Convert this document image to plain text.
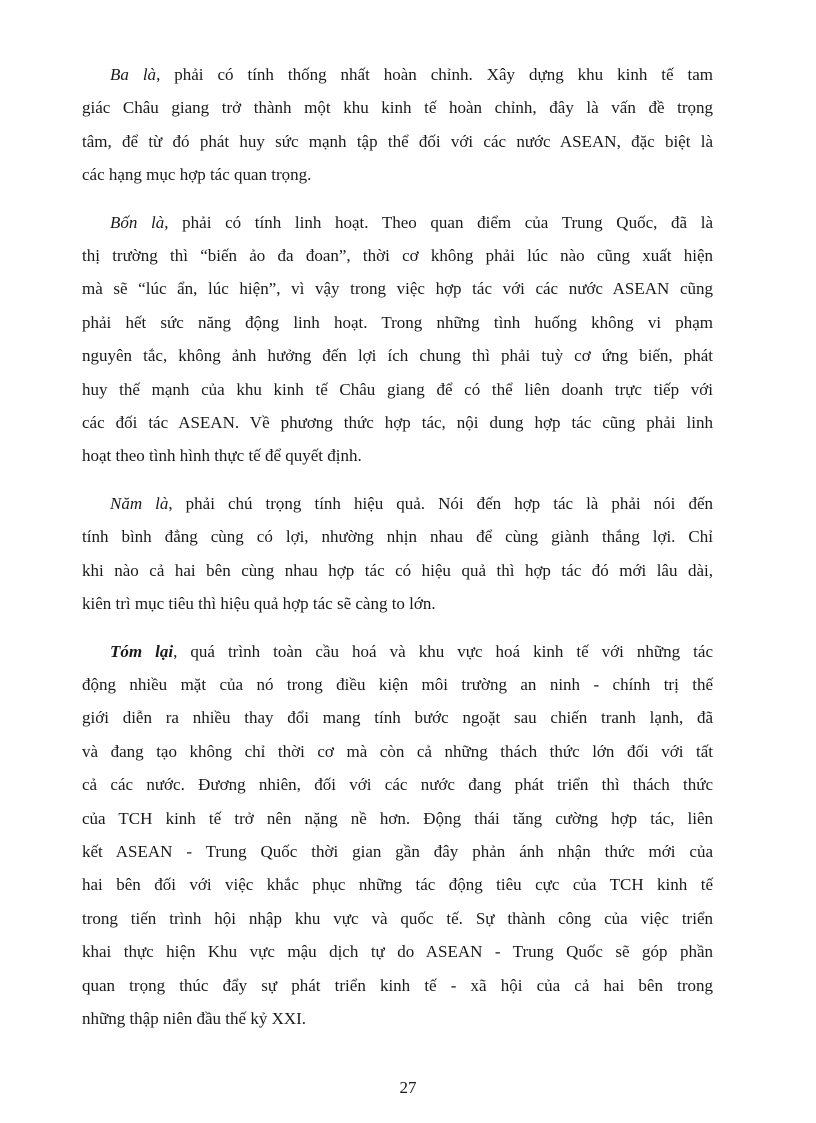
Ba là, phải có tính thống nhất hoàn chỉnh. Xây dựng khu kinh tế tam
giác Châu giang trở thành một khu kinh tế hoàn chỉnh, đây là vấn đề trọng
tâm, để từ đó phát huy sức mạnh tập thể đối với các nước ASEAN, đặc biệt là
các hạng mục hợp tác quan trọng.
Bốn là, phải có tính linh hoạt. Theo quan điểm của Trung Quốc, đã là
thị trường thì “biến ảo đa đoan”, thời cơ không phải lúc nào cũng xuất hiện
mà sẽ “lúc ẩn, lúc hiện”, vì vậy trong việc hợp tác với các nước ASEAN cũng
phải hết sức năng động linh hoạt. Trong những tình huống không vi phạm
nguyên tắc, không ảnh hưởng đến lợi ích chung thì phải tuỳ cơ ứng biến, phát
huy thế mạnh của khu kinh tế Châu giang để có thể liên doanh trực tiếp với
các đối tác ASEAN. Về phương thức hợp tác, nội dung hợp tác cũng phải linh
hoạt theo tình hình thực tế để quyết định.
Năm là, phải chú trọng tính hiệu quả. Nói đến hợp tác là phải nói đến
tính bình đẳng cùng có lợi, nhường nhịn nhau để cùng giành thắng lợi. Chỉ
khi nào cả hai bên cùng nhau hợp tác có hiệu quả thì hợp tác đó mới lâu dài,
kiên trì mục tiêu thì hiệu quả hợp tác sẽ càng to lớn.
Tóm lại, quá trình toàn cầu hoá và khu vực hoá kinh tế với những tác
động nhiều mặt của nó trong điều kiện môi trường an ninh - chính trị thế
giới diễn ra nhiều thay đổi mang tính bước ngoặt sau chiến tranh lạnh, đã
và đang tạo không chỉ thời cơ mà còn cả những thách thức lớn đối với tất
cả các nước. Đương nhiên, đối với các nước đang phát triển thì thách thức
của TCH kinh tế trở nên nặng nề hơn. Động thái tăng cường hợp tác, liên
kết ASEAN - Trung Quốc thời gian gần đây phản ánh nhận thức mới của
hai bên đối với việc khắc phục những tác động tiêu cực của TCH kinh tế
trong tiến trình hội nhập khu vực và quốc tế. Sự thành công của việc triển
khai thực hiện Khu vực mậu dịch tự do ASEAN - Trung Quốc sẽ góp phần
quan trọng thúc đẩy sự phát triển kinh tế - xã hội của cả hai bên trong
những thập niên đầu thế kỷ XXI.
27
